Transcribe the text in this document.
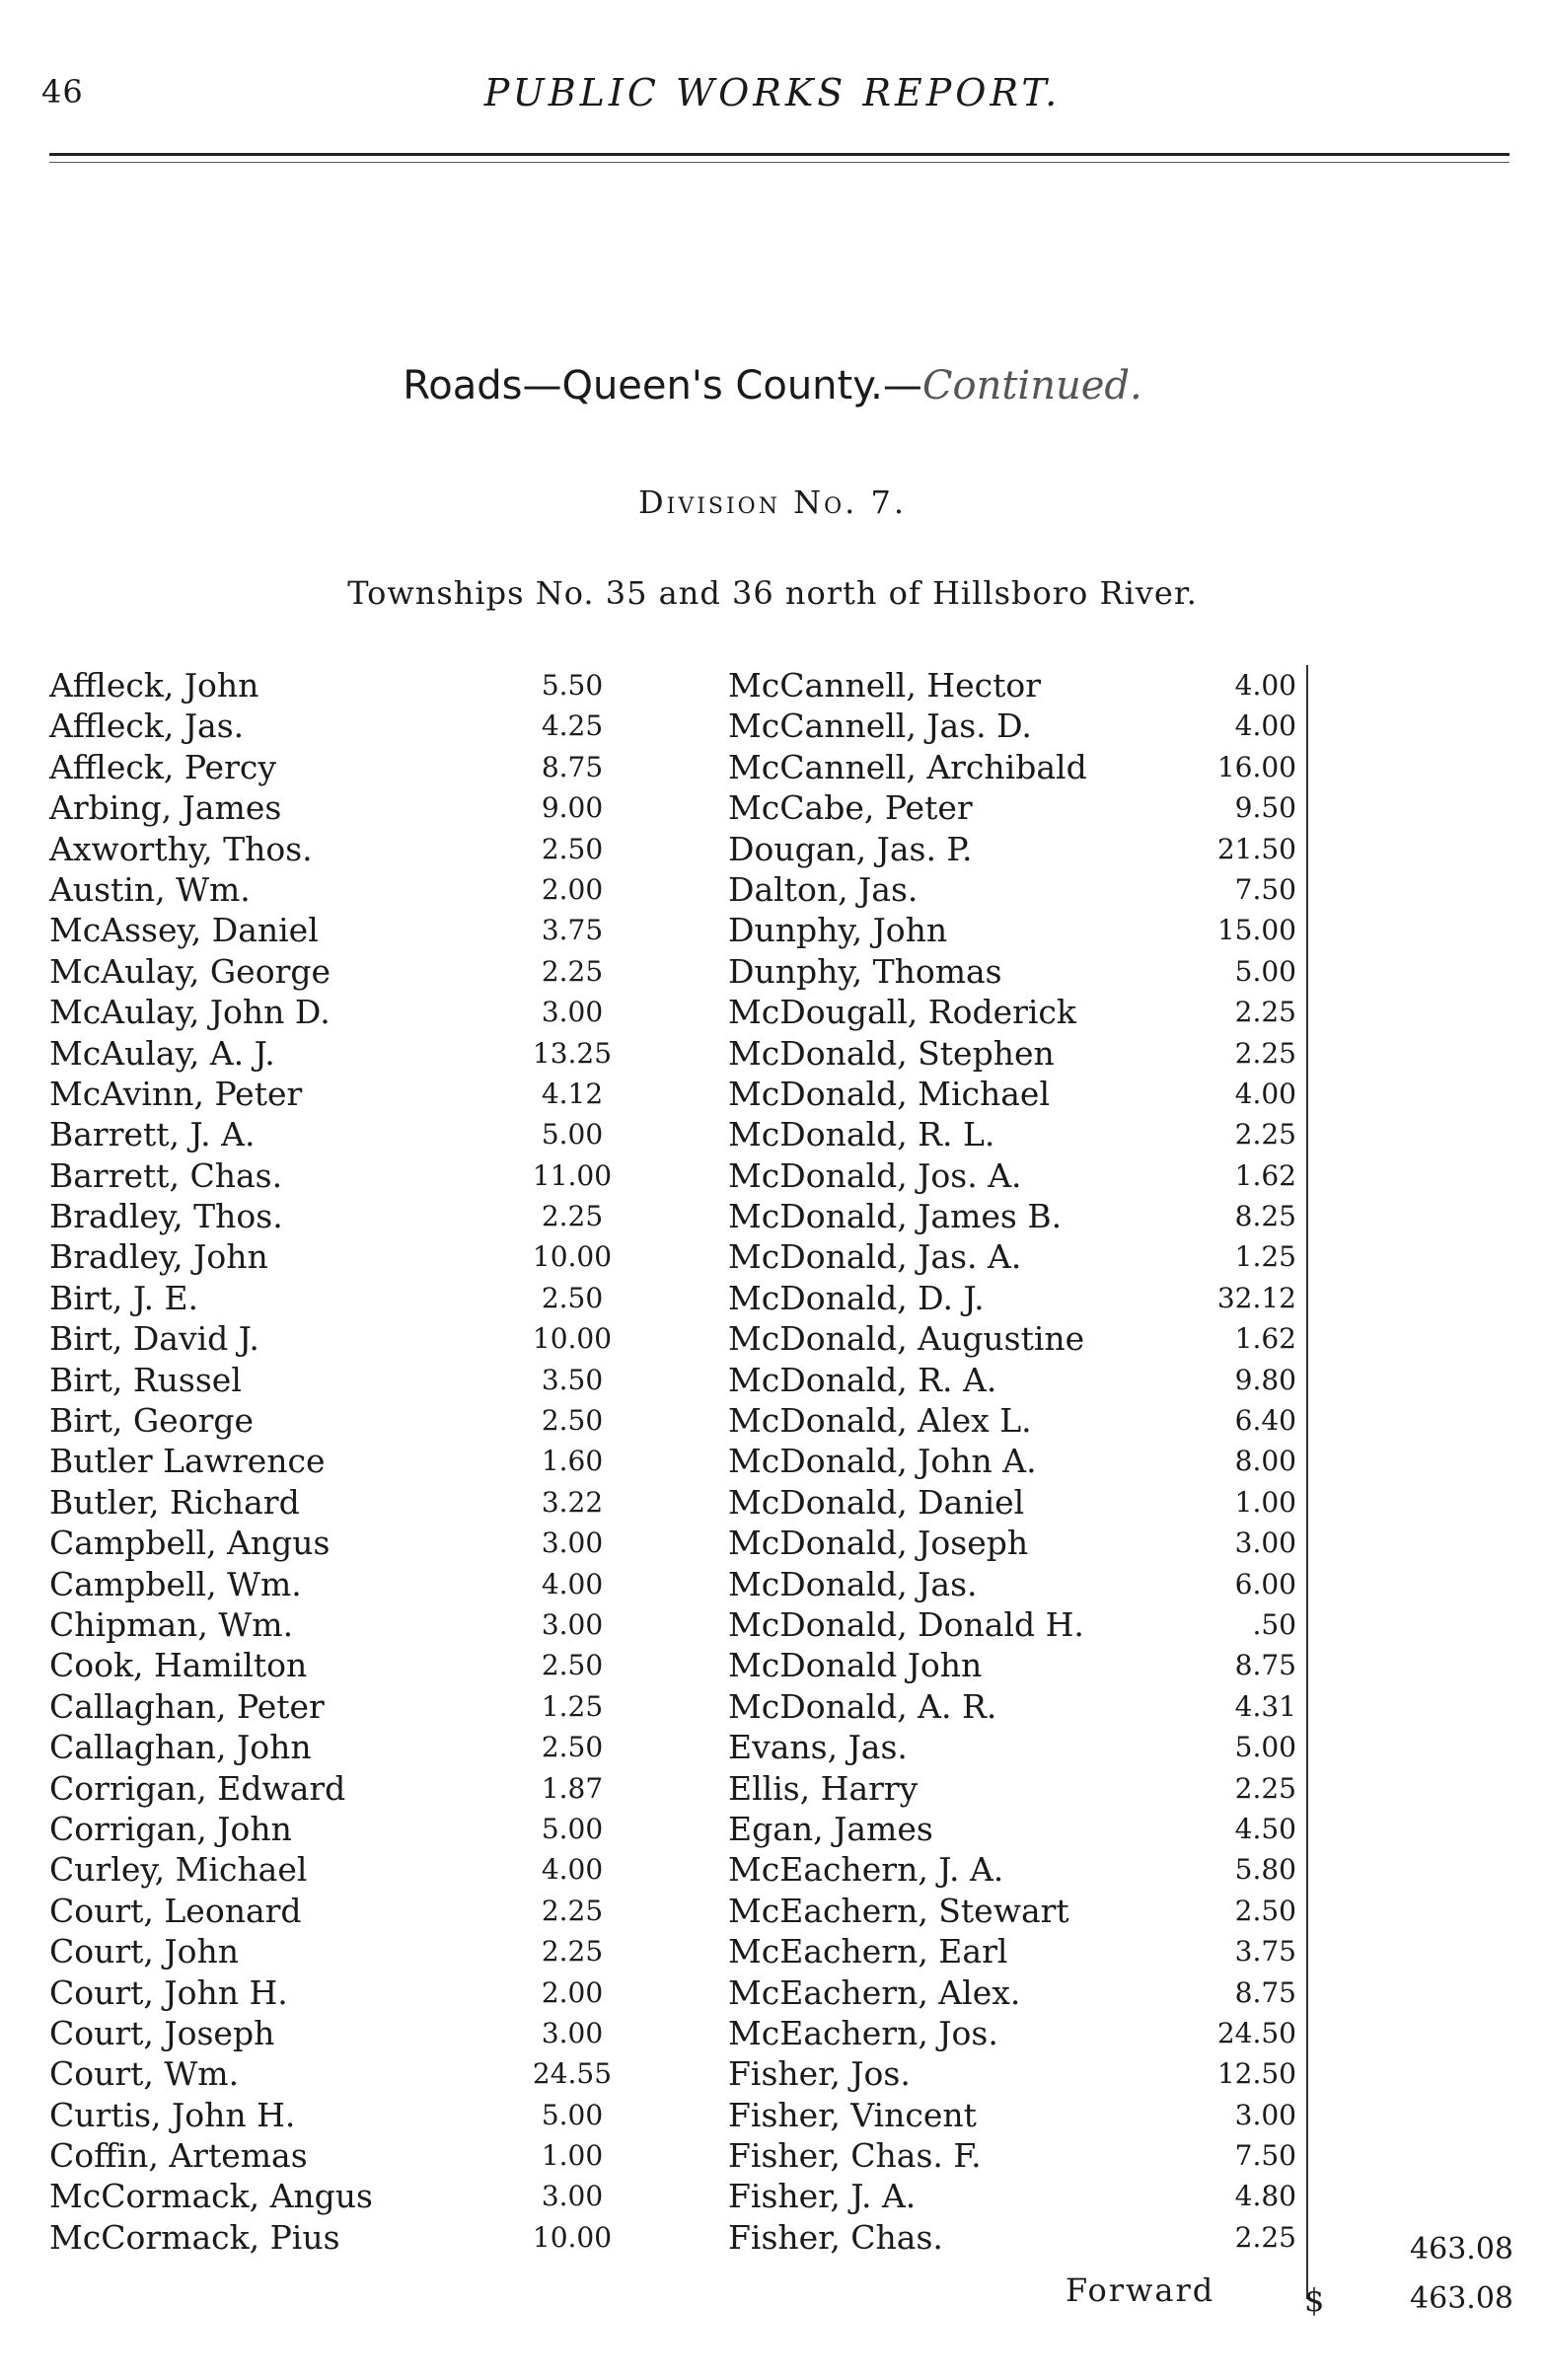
46	PUBLIC WORKS REPORT.
Roads—Queen's County.—Continued.
Division No. 7.
Townships No. 35 and 36 north of Hillsboro River.
Affleck, John	5.50
Affleck, Jas.	4.25
Affleck, Percy	8.75
Arbing, James	9.00
Axworthy, Thos.	2.50
Austin, Wm.	2.00
McAssey, Daniel	3.75
McAulay, George	2.25
McAulay, John D.	3.00
McAulay, A. J.	13.25
McAvinn, Peter	4.12
Barrett, J. A.	5.00
Barrett, Chas.	11.00
Bradley, Thos.	2.25
Bradley, John	10.00
Birt, J. E.	2.50
Birt, David J.	10.00
Birt, Russel	3.50
Birt, George	2.50
Butler Lawrence	1.60
Butler, Richard	3.22
Campbell, Angus	3.00
Campbell, Wm.	4.00
Chipman, Wm.	3.00
Cook, Hamilton	2.50
Callaghan, Peter	1.25
Callaghan, John	2.50
Corrigan, Edward	1.87
Corrigan, John	5.00
Curley, Michael	4.00
Court, Leonard	2.25
Court, John	2.25
Court, John H.	2.00
Court, Joseph	3.00
Court, Wm.	24.55
Curtis, John H.	5.00
Coffin, Artemas	1.00
McCormack, Angus	3.00
McCormack, Pius	10.00
McCannell, Hector	4.00
McCannell, Jas. D.	4.00
McCannell, Archibald	16.00
McCabe, Peter	9.50
Dougan, Jas. P.	21.50
Dalton, Jas.	7.50
Dunphy, John	15.00
Dunphy, Thomas	5.00
McDougall, Roderick	2.25
McDonald, Stephen	2.25
McDonald, Michael	4.00
McDonald, R. L.	2.25
McDonald, Jos. A.	1.62
McDonald, James B.	8.25
McDonald, Jas. A.	1.25
McDonald, D. J.	32.12
McDonald, Augustine	1.62
McDonald, R. A.	9.80
McDonald, Alex L.	6.40
McDonald, John A.	8.00
McDonald, Daniel	1.00
McDonald, Joseph	3.00
McDonald, Jas.	6.00
McDonald, Donald H.	.50
McDonald John	8.75
McDonald, A. R.	4.31
Evans, Jas.	5.00
Ellis, Harry	2.25
Egan, James	4.50
McEachern, J. A.	5.80
McEachern, Stewart	2.50
McEachern, Earl	3.75
McEachern, Alex.	8.75
McEachern, Jos.	24.50
Fisher, Jos.	12.50
Fisher, Vincent	3.00
Fisher, Chas. F.	7.50
Fisher, J. A.	4.80
Fisher, Chas.	2.25	463.08
Forward	$	463.08
